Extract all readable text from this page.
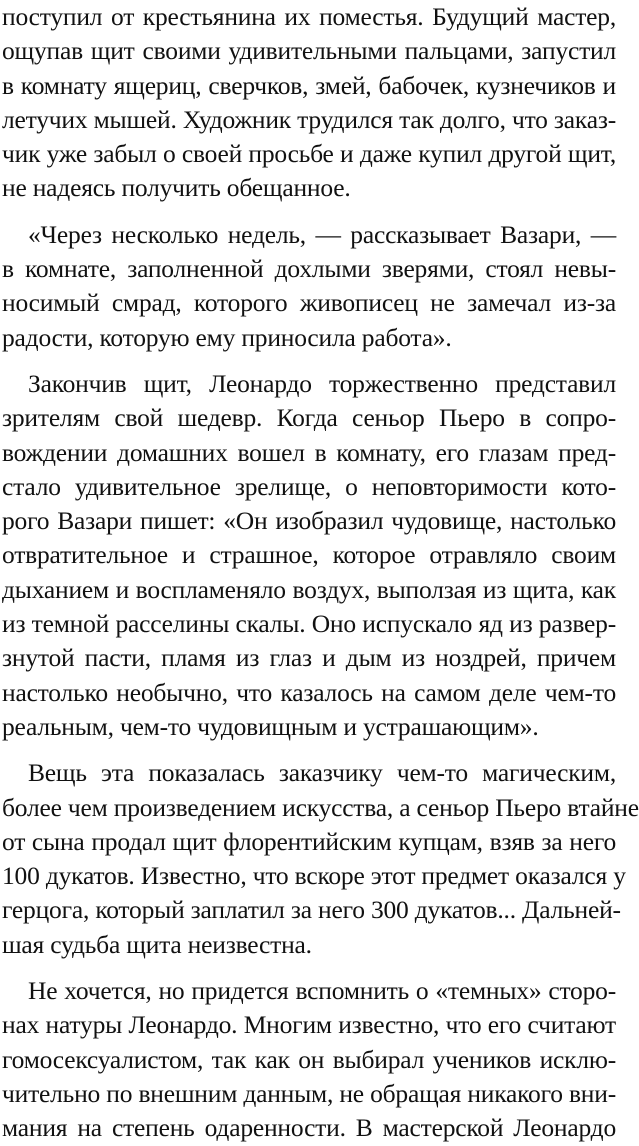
поступил от крестьянина их поместья. Будущий мастер,
ощупав щит своими удивительными пальцами, запустил
в комнату ящериц, сверчков, змей, бабочек, кузнечиков и
летучих мышей. Художник трудился так долго, что заказ-
чик уже забыл о своей просьбе и даже купил другой щит,
не надеясь получить обещанное.
«Через несколько недель, — рассказывает Вазари, —
в комнате, заполненной дохлыми зверями, стоял невы-
носимый смрад, которого живописец не замечал из-за
радости, которую ему приносила работа».
Закончив щит, Леонардо торжественно представил
зрителям свой шедевр. Когда сеньор Пьеро в сопро-
вождении домашних вошел в комнату, его глазам пред-
стало удивительное зрелище, о неповторимости кото-
рого Вазари пишет: «Он изобразил чудовище, настолько
отвратительное и страшное, которое отравляло своим
дыханием и воспламеняло воздух, выползая из щита, как
из темной расселины скалы. Оно испускало яд из развер-
знутой пасти, пламя из глаз и дым из ноздрей, причем
настолько необычно, что казалось на самом деле чем-то
реальным, чем-то чудовищным и устрашающим».
Вещь эта показалась заказчику чем-то магическим,
более чем произведением искусства, а сеньор Пьеро втайне
от сына продал щит флорентийским купцам, взяв за него
100 дукатов. Известно, что вскоре этот предмет оказался у
герцога, который заплатил за него 300 дукатов... Дальней-
шая судьба щита неизвестна.
Не хочется, но придется вспомнить о «темных» сторо-
нах натуры Леонардо. Многим известно, что его считают
гомосексуалистом, так как он выбирал учеников исклю-
чительно по внешним данным, не обращая никакого вни-
мания на степень одаренности. В мастерской Леонардо
